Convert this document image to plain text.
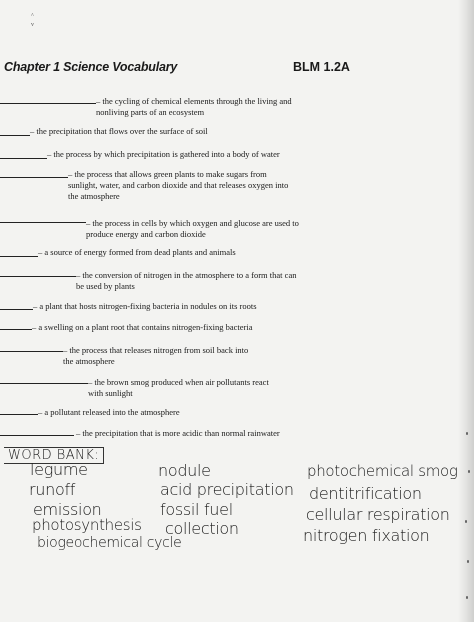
^
v
Chapter 1 Science Vocabulary	BLM 1.2A
– the cycling of chemical elements through the living and
nonliving parts of an ecosystem
– the precipitation that flows over the surface of soil
– the process by which precipitation is gathered into a body of water
– the process that allows green plants to make sugars from
sunlight, water, and carbon dioxide and that releases oxygen into
the atmosphere
– the process in cells by which oxygen and glucose are used to
produce energy and carbon dioxide
– a source of energy formed from dead plants and animals
– the conversion of nitrogen in the atmosphere to a form that can
be used by plants
– a plant that hosts nitrogen-fixing bacteria in nodules on its roots
– a swelling on a plant root that contains nitrogen-fixing bacteria
– the process that releases nitrogen from soil back into
the atmosphere
– the brown smog produced when air pollutants react
with sunlight
– a pollutant released into the atmosphere
– the precipitation that is more acidic than normal rainwater
WORD BANK:
legume
runoff
emission
photosynthesis
biogeochemical cycle
nodule
acid precipitation
fossil fuel
collection
photochemical smog
dentitrification
cellular respiration
nitrogen fixation
